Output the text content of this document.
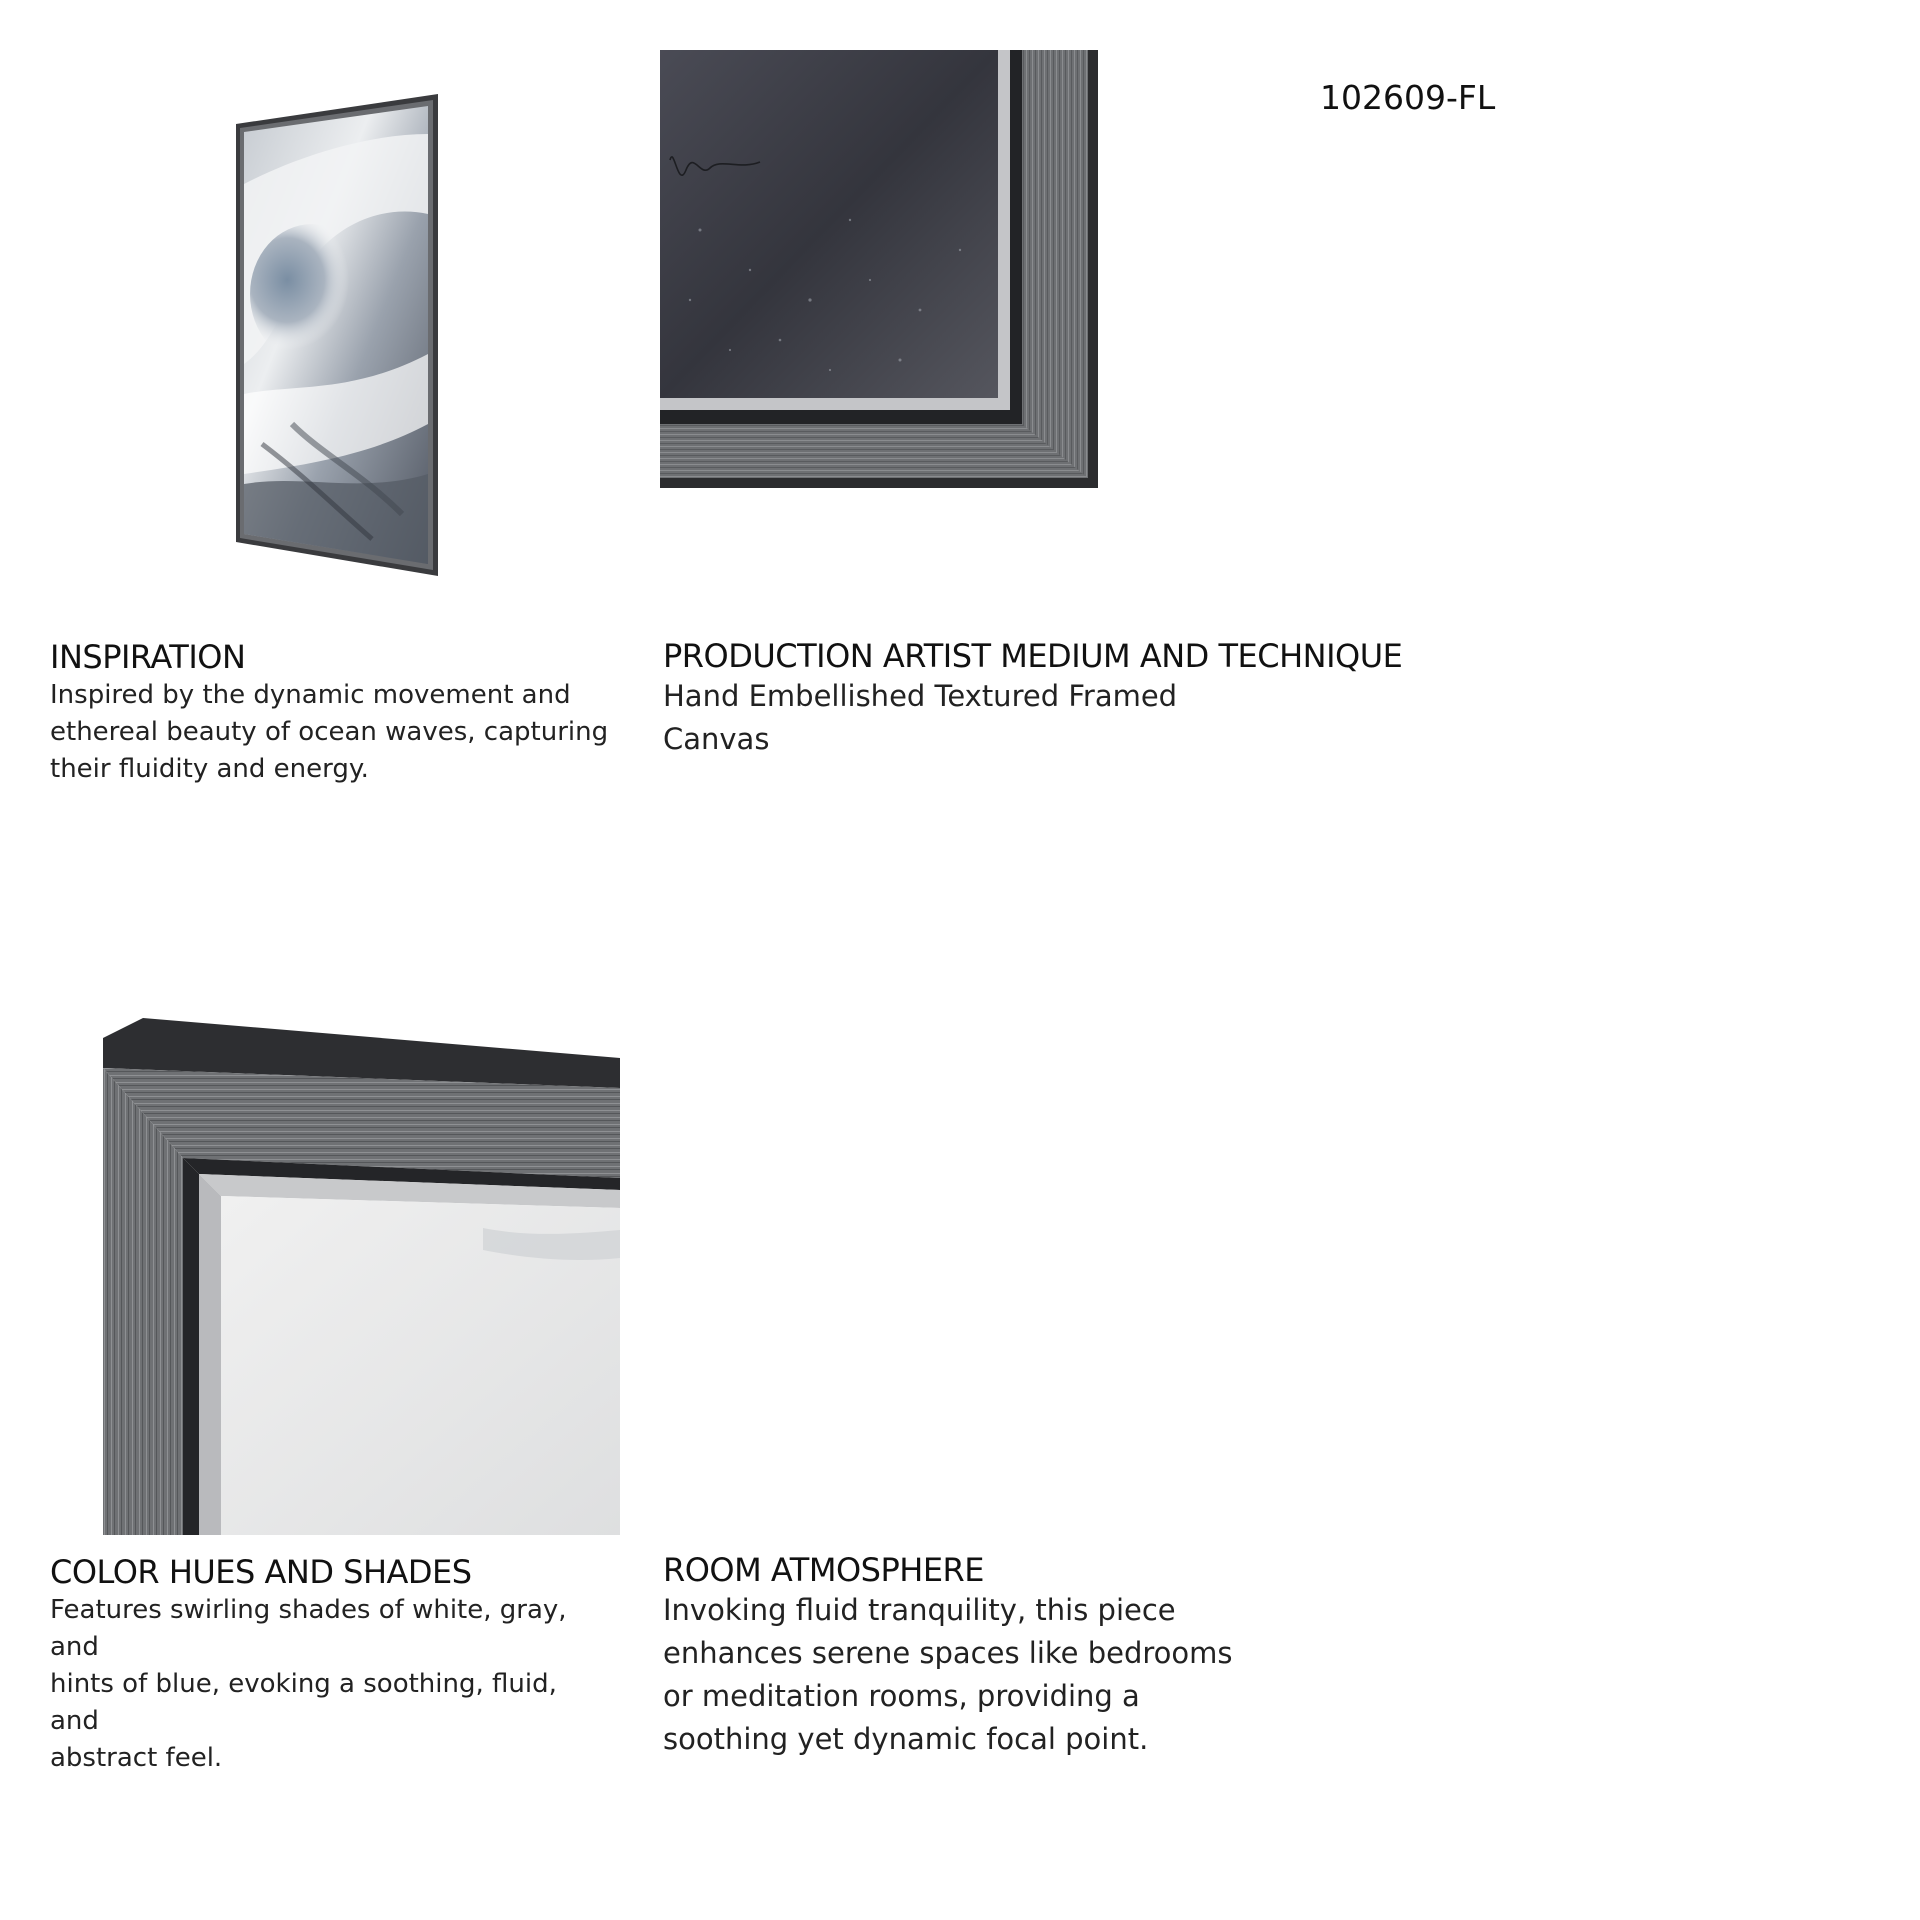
102609-FL
INSPIRATION
Inspired by the dynamic movement and
ethereal beauty of ocean waves, capturing
their fluidity and energy.
PRODUCTION ARTIST MEDIUM AND TECHNIQUE
Hand Embellished Textured Framed
Canvas
COLOR HUES AND SHADES
Features swirling shades of white, gray, and
hints of blue, evoking a soothing, fluid, and
abstract feel.
ROOM ATMOSPHERE
Invoking fluid tranquility, this piece
enhances serene spaces like bedrooms
or meditation rooms, providing a
soothing yet dynamic focal point.
